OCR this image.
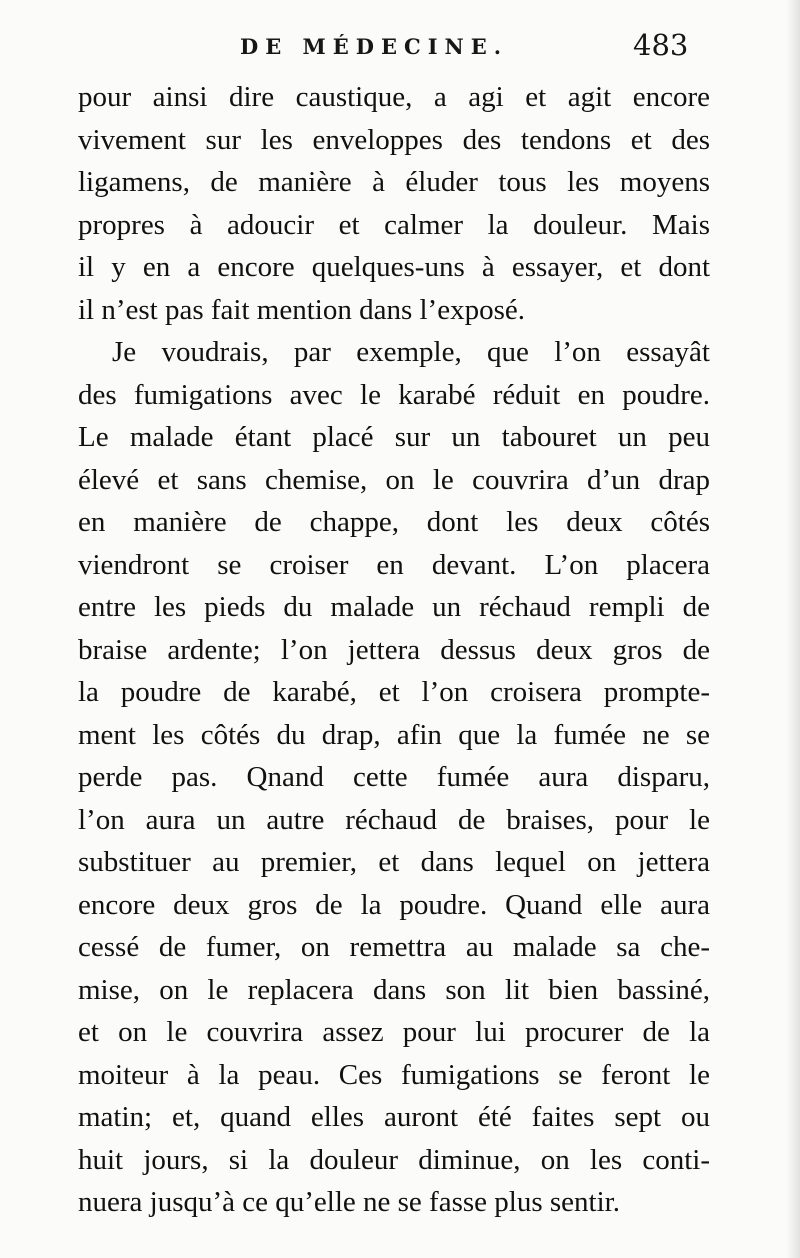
DE MÉDECINE.	483
pour ainsi dire caustique, a agi et agit encore
vivement sur les enveloppes des tendons et des
ligamens, de manière à éluder tous les moyens
propres à adoucir et calmer la douleur. Mais
il y en a encore quelques-uns à essayer, et dont
il n’est pas fait mention dans l’exposé.
Je voudrais, par exemple, que l’on essayât
des fumigations avec le karabé réduit en poudre.
Le malade étant placé sur un tabouret un peu
élevé et sans chemise, on le couvrira d’un drap
en manière de chappe, dont les deux côtés
viendront se croiser en devant. L’on placera
entre les pieds du malade un réchaud rempli de
braise ardente; l’on jettera dessus deux gros de
la poudre de karabé, et l’on croisera prompte-
ment les côtés du drap, afin que la fumée ne se
perde pas. Qnand cette fumée aura disparu,
l’on aura un autre réchaud de braises, pour le
substituer au premier, et dans lequel on jettera
encore deux gros de la poudre. Quand elle aura
cessé de fumer, on remettra au malade sa che-
mise, on le replacera dans son lit bien bassiné,
et on le couvrira assez pour lui procurer de la
moiteur à la peau. Ces fumigations se feront le
matin; et, quand elles auront été faites sept ou
huit jours, si la douleur diminue, on les conti-
nuera jusqu’à ce qu’elle ne se fasse plus sentir.
